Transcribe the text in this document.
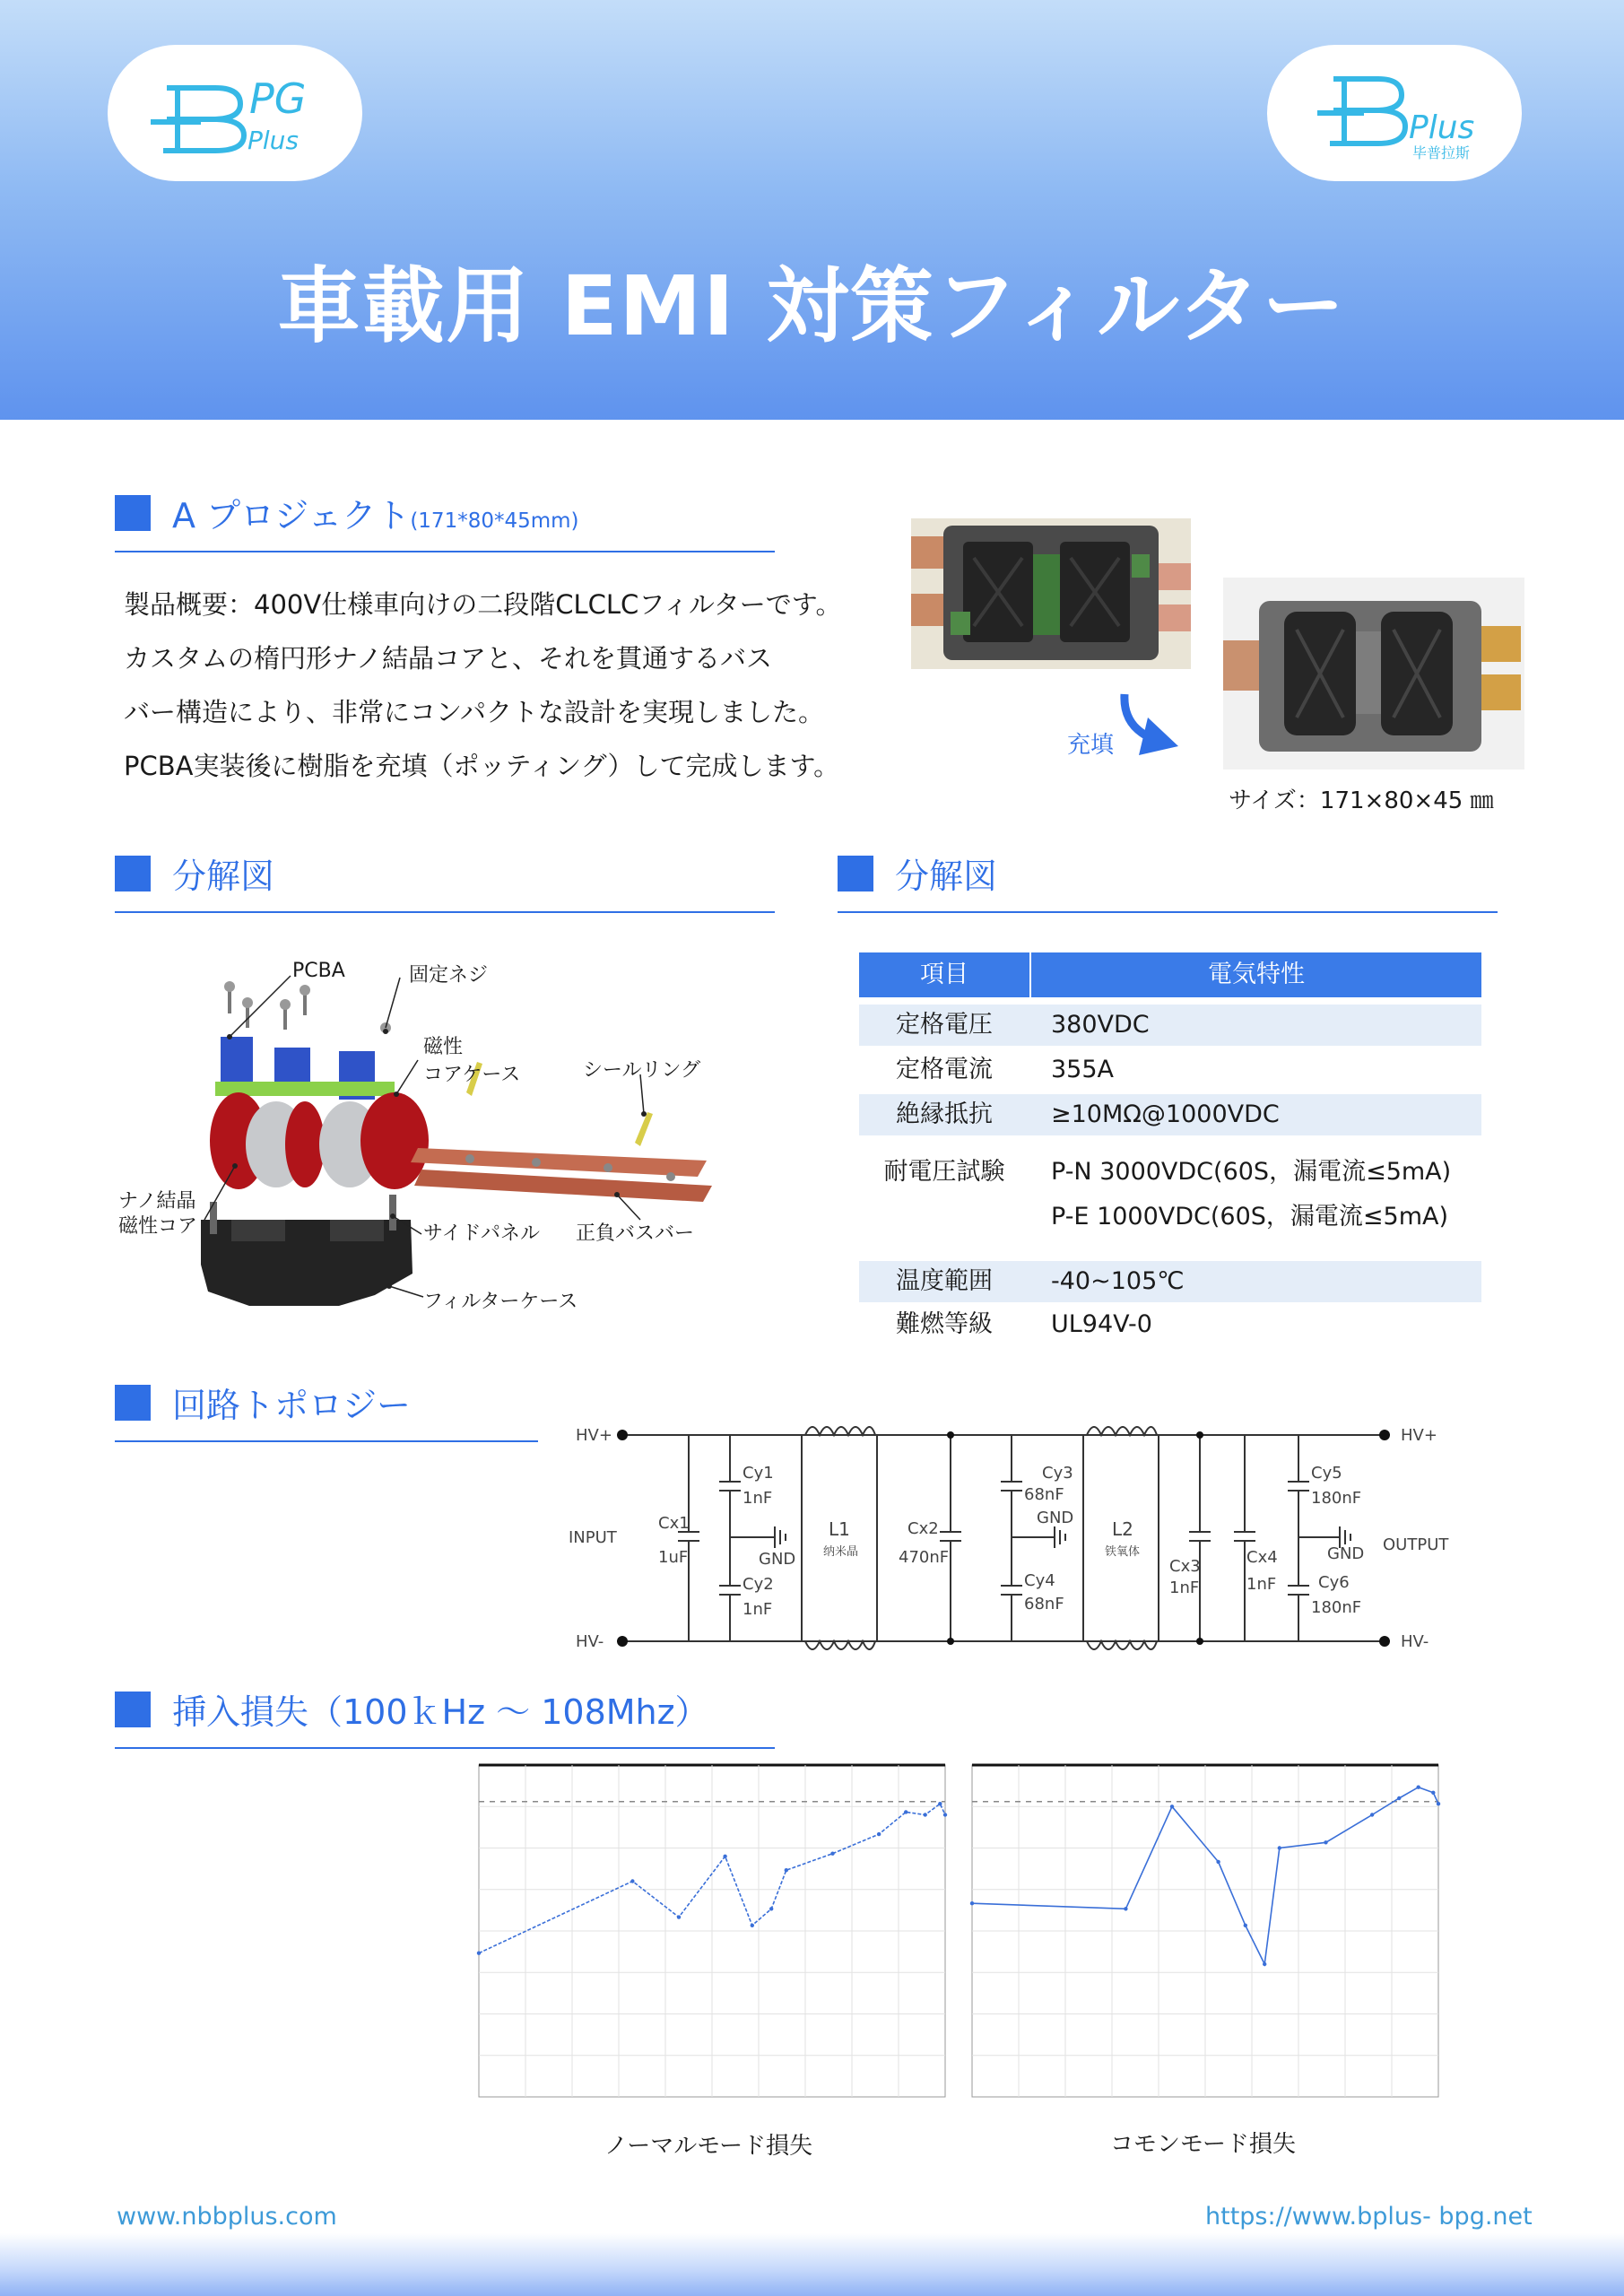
PG
Plus	Plus
毕普拉斯
車載用 EMI 対策フィルター
A プロジェクト(171*80*45mm)

製品概要：400V仕様車向けの二段階CLCLCフィルターです。

カスタムの楕円形ナノ結晶コアと、それを貫通するバス

バー構造により、非常にコンパクトな設計を実現しました。

PCBA実装後に樹脂を充填（ポッティング）して完成します。

充填
サイズ：171×80×45 ㎜
分解図
PCBA	固定ネジ
磁性
コアケース	シールリング
ナノ結晶
磁性コア	サイドパネル 正負バスバー
フィルターケース
分解図
項目	電気特性
定格電圧	380VDC
定格電流	355A
絶縁抵抗	≥10MΩ@1000VDC
耐電圧試験	P-N 3000VDC(60S，漏電流≤5mA)
P-E 1000VDC(60S，漏電流≤5mA)
温度範囲	-40~105℃
難燃等級	UL94V-0
回路トポロジー
HV+
HV-
HV+
HV-
INPUT	OUTPUT
Cx1
1uF
Cy1
1nF
GND
Cy2
1nF
L1
纳米晶
Cx2
470nF
Cy3
68nF
GND
Cy4
68nF
L2
铁氧体
Cx3
1nF
Cx4
1nF
Cy5
180nF
GND
Cy6
180nF
挿入損失（100ｋHz ～ 108Mhz）
ノーマルモード損失	コモンモード損失
www.nbbplus.com	https://www.bplus- bpg.net
